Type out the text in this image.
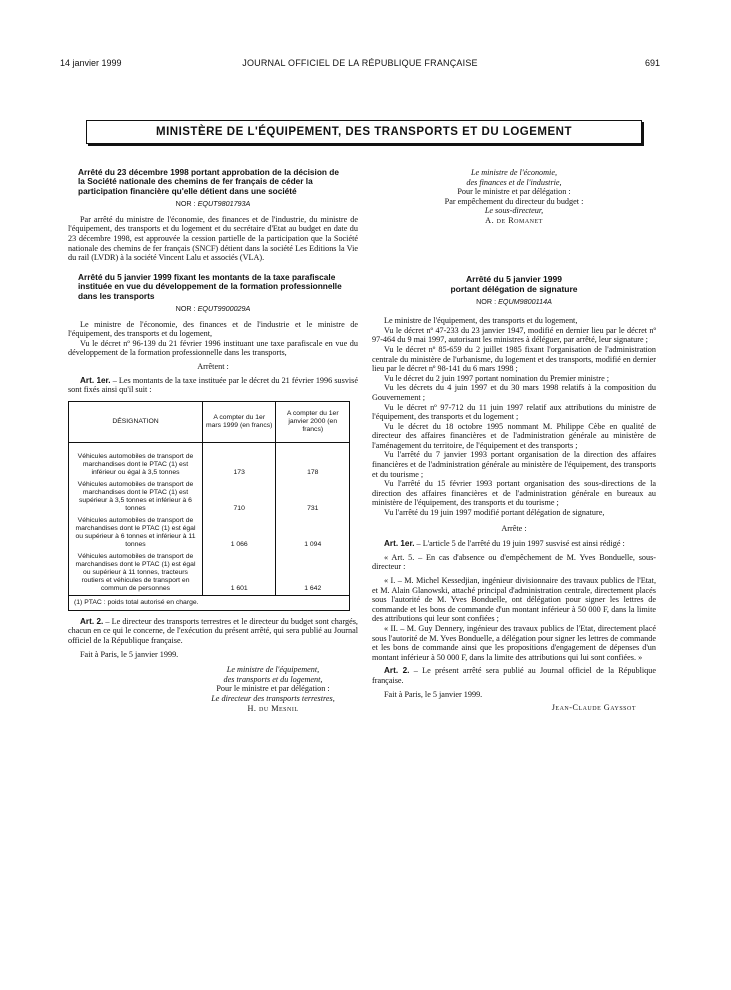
14 janvier 1999	JOURNAL OFFICIEL DE LA RÉPUBLIQUE FRANÇAISE	691
MINISTÈRE DE L'ÉQUIPEMENT, DES TRANSPORTS ET DU LOGEMENT
Arrêté du 23 décembre 1998 portant approbation de la décision de la Société nationale des chemins de fer français de céder la participation financière qu'elle détient dans une société
NOR : EQUT9801793A

Par arrêté du ministre de l'économie, des finances et de l'industrie, du ministre de l'équipement, des transports et du logement et du secrétaire d'Etat au budget en date du 23 décembre 1998, est approuvée la cession partielle de la participation que la Société nationale des chemins de fer français (SNCF) détient dans la société Les Editions la Vie du rail (LVDR) à la société Vincent Lalu et associés (VLA).

Arrêté du 5 janvier 1999 fixant les montants de la taxe parafiscale instituée en vue du développement de la formation professionnelle dans les transports
NOR : EQUT9900029A

Le ministre de l'économie, des finances et de l'industrie et le ministre de l'équipement, des transports et du logement,

Vu le décret nº 96-139 du 21 février 1996 instituant une taxe parafiscale en vue du développement de la formation professionnelle dans les transports,

Arrêtent :

Art. 1er. – Les montants de la taxe instituée par le décret du 21 février 1996 susvisé sont fixés ainsi qu'il suit :

DÉSIGNATION	A compter du 1er mars 1999 (en francs)	A compter du 1er janvier 2000 (en francs)
Véhicules automobiles de transport de marchandises dont le PTAC (1) est inférieur ou égal à 3,5 tonnes	173	178
Véhicules automobiles de transport de marchandises dont le PTAC (1) est supérieur à 3,5 tonnes et inférieur à 6 tonnes	710	731
Véhicules automobiles de transport de marchandises dont le PTAC (1) est égal ou supérieur à 6 tonnes et inférieur à 11 tonnes	1 066	1 094
Véhicules automobiles de transport de marchandises dont le PTAC (1) est égal ou supérieur à 11 tonnes, tracteurs routiers et véhicules de transport en commun de personnes	1 601	1 642
(1) PTAC : poids total autorisé en charge.		

Art. 2. – Le directeur des transports terrestres et le directeur du budget sont chargés, chacun en ce qui le concerne, de l'exécution du présent arrêté, qui sera publié au Journal officiel de la République française.

Fait à Paris, le 5 janvier 1999.

Le ministre de l'équipement,
des transports et du logement,
Pour le ministre et par délégation :
Le directeur des transports terrestres,
H. du Mesnil
Le ministre de l'économie,
des finances et de l'industrie,
Pour le ministre et par délégation :
Par empêchement du directeur du budget :
Le sous-directeur,
A. de Romanet
Arrêté du 5 janvier 1999
portant délégation de signature
NOR : EQUM9800114A

Le ministre de l'équipement, des transports et du logement,

Vu le décret nº 47-233 du 23 janvier 1947, modifié en dernier lieu par le décret nº 97-464 du 9 mai 1997, autorisant les ministres à déléguer, par arrêté, leur signature ;

Vu le décret nº 85-659 du 2 juillet 1985 fixant l'organisation de l'administration centrale du ministère de l'urbanisme, du logement et des transports, modifié en dernier lieu par le décret nº 98-141 du 6 mars 1998 ;

Vu le décret du 2 juin 1997 portant nomination du Premier ministre ;

Vu les décrets du 4 juin 1997 et du 30 mars 1998 relatifs à la composition du Gouvernement ;

Vu le décret nº 97-712 du 11 juin 1997 relatif aux attributions du ministre de l'équipement, des transports et du logement ;

Vu le décret du 18 octobre 1995 nommant M. Philippe Cèbe en qualité de directeur des affaires financières et de l'administration générale au ministère de l'aménagement du territoire, de l'équipement et des transports ;

Vu l'arrêté du 7 janvier 1993 portant organisation de la direction des affaires financières et de l'administration générale au ministère de l'équipement, des transports et du tourisme ;

Vu l'arrêté du 15 février 1993 portant organisation des sous-directions de la direction des affaires financières et de l'administration générale en bureaux au ministère de l'équipement, des transports et du tourisme ;

Vu l'arrêté du 19 juin 1997 modifié portant délégation de signature,

Arrête :

Art. 1er. – L'article 5 de l'arrêté du 19 juin 1997 susvisé est ainsi rédigé :

« Art. 5. – En cas d'absence ou d'empêchement de M. Yves Bonduelle, sous-directeur :

« I. – M. Michel Kessedjian, ingénieur divisionnaire des travaux publics de l'Etat, et M. Alain Glanowski, attaché principal d'administration centrale, directement placés sous l'autorité de M. Yves Bonduelle, ont délégation pour signer les lettres de commande et les bons de commande d'un montant inférieur à 50 000 F, dans la limite des attributions qui leur sont confiées ;

« II. – M. Guy Dennery, ingénieur des travaux publics de l'Etat, directement placé sous l'autorité de M. Yves Bonduelle, a délégation pour signer les lettres de commande et les bons de commande ainsi que les propositions d'engagement de dépenses d'un montant inférieur à 50 000 F, dans la limite des attributions qui lui sont confiées. »

Art. 2. – Le présent arrêté sera publié au Journal officiel de la République française.

Fait à Paris, le 5 janvier 1999.

Jean-Claude Gayssot
